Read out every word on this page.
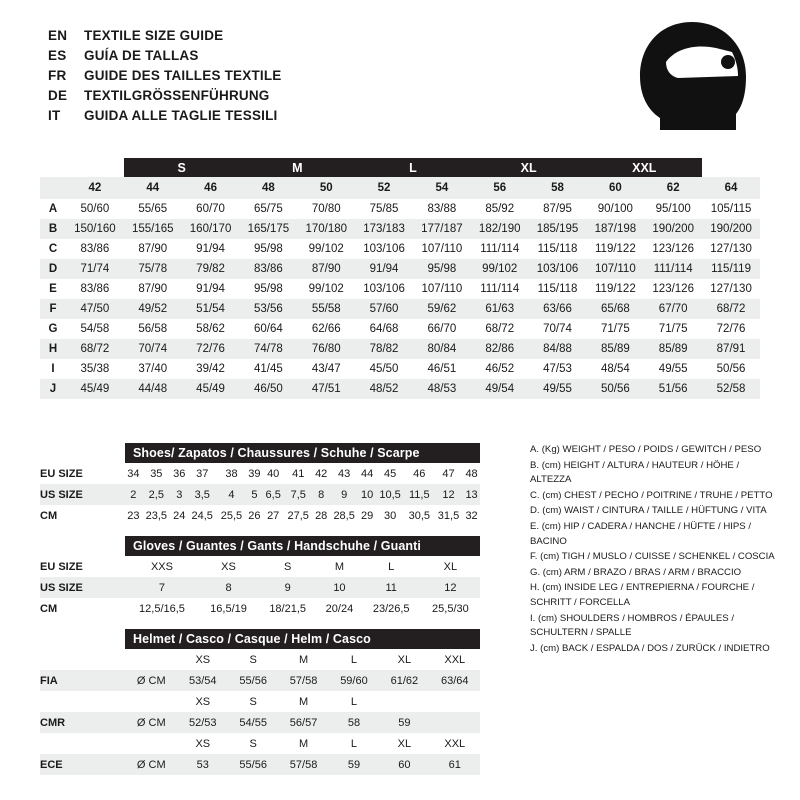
EN	TEXTILE SIZE GUIDE
ES	GUÍA DE TALLAS
FR	GUIDE DES TAILLES TEXTILE
DE	TEXTILGRÖSSENFÜHRUNG
IT	GUIDA ALLE TAGLIE TESSILI
		S		M		L		XL		XXL		
	42	44	46	48	50	52	54	56	58	60	62	64
A	50/60	55/65	60/70	65/75	70/80	75/85	83/88	85/92	87/95	90/100	95/100	105/115
B	150/160	155/165	160/170	165/175	170/180	173/183	177/187	182/190	185/195	187/198	190/200	190/200
C	83/86	87/90	91/94	95/98	99/102	103/106	107/110	111/114	115/118	119/122	123/126	127/130
D	71/74	75/78	79/82	83/86	87/90	91/94	95/98	99/102	103/106	107/110	111/114	115/119
E	83/86	87/90	91/94	95/98	99/102	103/106	107/110	111/114	115/118	119/122	123/126	127/130
F	47/50	49/52	51/54	53/56	55/58	57/60	59/62	61/63	63/66	65/68	67/70	68/72
G	54/58	56/58	58/62	60/64	62/66	64/68	66/70	68/72	70/74	71/75	71/75	72/76
H	68/72	70/74	72/76	74/78	76/80	78/82	80/84	82/86	84/88	85/89	85/89	87/91
I	35/38	37/40	39/42	41/45	43/47	45/50	46/51	46/52	47/53	48/54	49/55	50/56
J	45/49	44/48	45/49	46/50	47/51	48/52	48/53	49/54	49/55	50/56	51/56	52/58
Shoes/ Zapatos / Chaussures / Schuhe / Scarpe
EU SIZE	34	35	36	37	38	39	40	41	42	43	44	45	46	47	48
US SIZE	2	2,5	3	3,5	4	5	6,5	7,5	8	9	10	10,5	11,5	12	13
CM	23	23,5	24	24,5	25,5	26	27	27,5	28	28,5	29	30	30,5	31,5	32
Gloves / Guantes / Gants / Handschuhe / Guanti
EU SIZE	XXS	XS	S	M	L	XL
US SIZE	7	8	9	10	11	12
CM	12,5/16,5	16,5/19	18/21,5	20/24	23/26,5	25,5/30
Helmet / Casco / Casque / Helm / Casco
		XS	S	M	L	XL	XXL
FIA	Ø CM	53/54	55/56	57/58	59/60	61/62	63/64
		XS	S	M	L		
CMR	Ø CM	52/53	54/55	56/57	58	59	
		XS	S	M	L	XL	XXL
ECE	Ø CM	53	55/56	57/58	59	60	61
A. (Kg) WEIGHT / PESO / POIDS / GEWITCH / PESO
B. (cm) HEIGHT / ALTURA / HAUTEUR / HÖHE / ALTEZZA
C. (cm) CHEST / PECHO / POITRINE / TRUHE / PETTO
D. (cm) WAIST / CINTURA / TAILLE / HÜFTUNG / VITA
E. (cm) HIP / CADERA / HANCHE / HÜFTE / HIPS / BACINO
F. (cm) TIGH / MUSLO / CUISSE / SCHENKEL / COSCIA
G. (cm) ARM / BRAZO / BRAS / ARM / BRACCIO
H. (cm) INSIDE LEG / ENTREPIERNA / FOURCHE / SCHRITT / FORCELLA
I. (cm) SHOULDERS / HOMBROS / ÉPAULES / SCHULTERN / SPALLE
J. (cm) BACK / ESPALDA / DOS / ZURÜCK / INDIETRO
